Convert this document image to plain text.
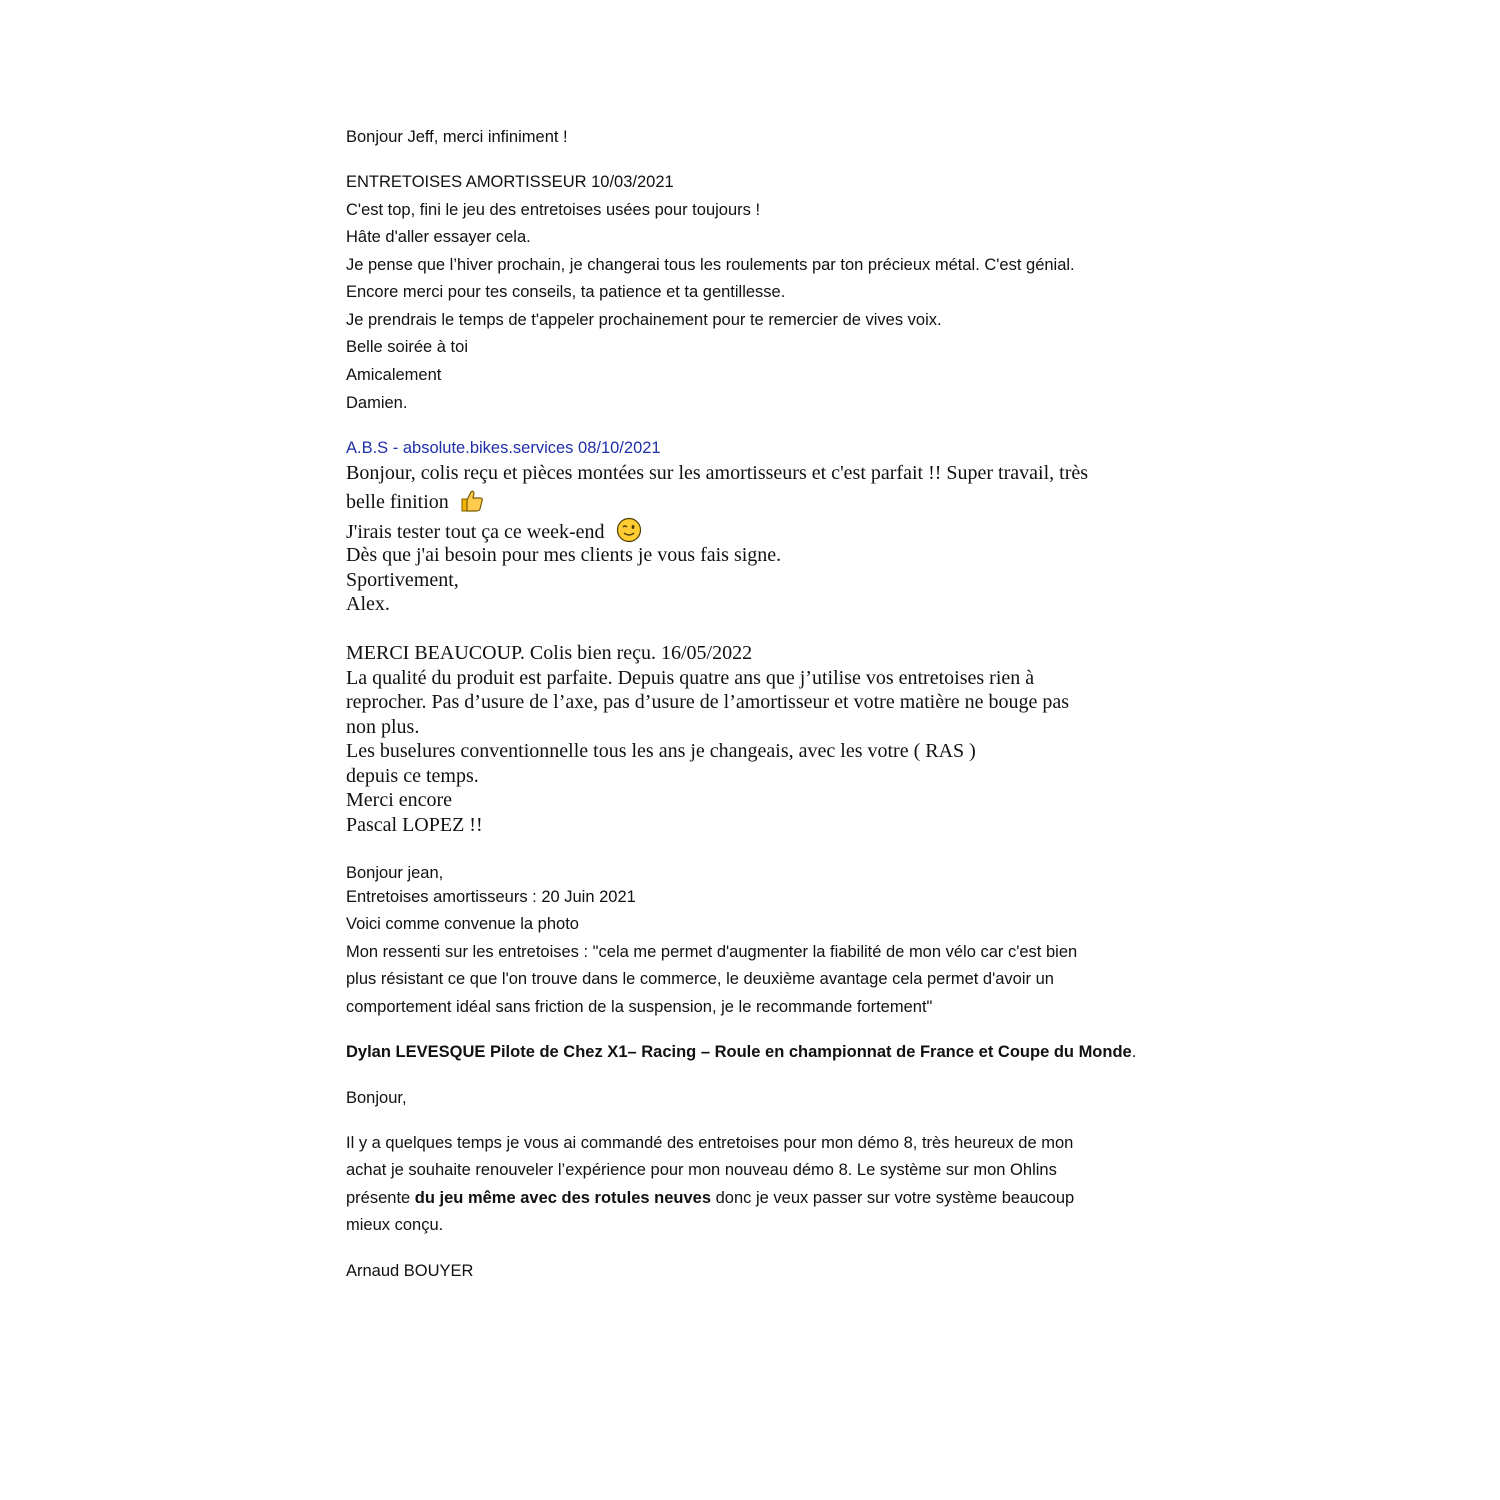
Bonjour Jeff, merci infiniment !
ENTRETOISES AMORTISSEUR 10/03/2021
C'est top, fini le jeu des entretoises usées pour toujours !
Hâte d'aller essayer cela.
Je pense que l’hiver prochain, je changerai tous les roulements par ton précieux métal. C'est génial.
Encore merci pour tes conseils, ta patience et ta gentillesse.
Je prendrais le temps de t'appeler prochainement pour te remercier de vives voix.
Belle soirée à toi
Amicalement
Damien.
A.B.S - absolute.bikes.services 08/10/2021
Bonjour, colis reçu et pièces montées sur les amortisseurs et c'est parfait !! Super travail, très
belle finition
J'irais tester tout ça ce week-end
Dès que j'ai besoin pour mes clients je vous fais signe.
Sportivement,
Alex.
MERCI BEAUCOUP. Colis bien reçu. 16/05/2022
La qualité du produit est parfaite. Depuis quatre ans que j’utilise vos entretoises rien à
reprocher. Pas d’usure de l’axe, pas d’usure de l’amortisseur et votre matière ne bouge pas
non plus.
Les buselures conventionnelle tous les ans je changeais, avec les votre ( RAS )
depuis ce temps.
Merci encore
Pascal LOPEZ !!
Bonjour jean,
Entretoises amortisseurs : 20 Juin 2021
Voici comme convenue la photo
Mon ressenti sur les entretoises : "cela me permet d'augmenter la fiabilité de mon vélo car c'est bien
plus résistant ce que l'on trouve dans le commerce, le deuxième avantage cela permet d'avoir un
comportement idéal sans friction de la suspension, je le recommande fortement"
Dylan LEVESQUE Pilote de Chez X1– Racing – Roule en championnat de France et Coupe du Monde.
Bonjour,
Il y a quelques temps je vous ai commandé des entretoises pour mon démo 8, très heureux de mon
achat je souhaite renouveler l’expérience pour mon nouveau démo 8. Le système sur mon Ohlins
présente du jeu même avec des rotules neuves donc je veux passer sur votre système beaucoup
mieux conçu.
Arnaud BOUYER
